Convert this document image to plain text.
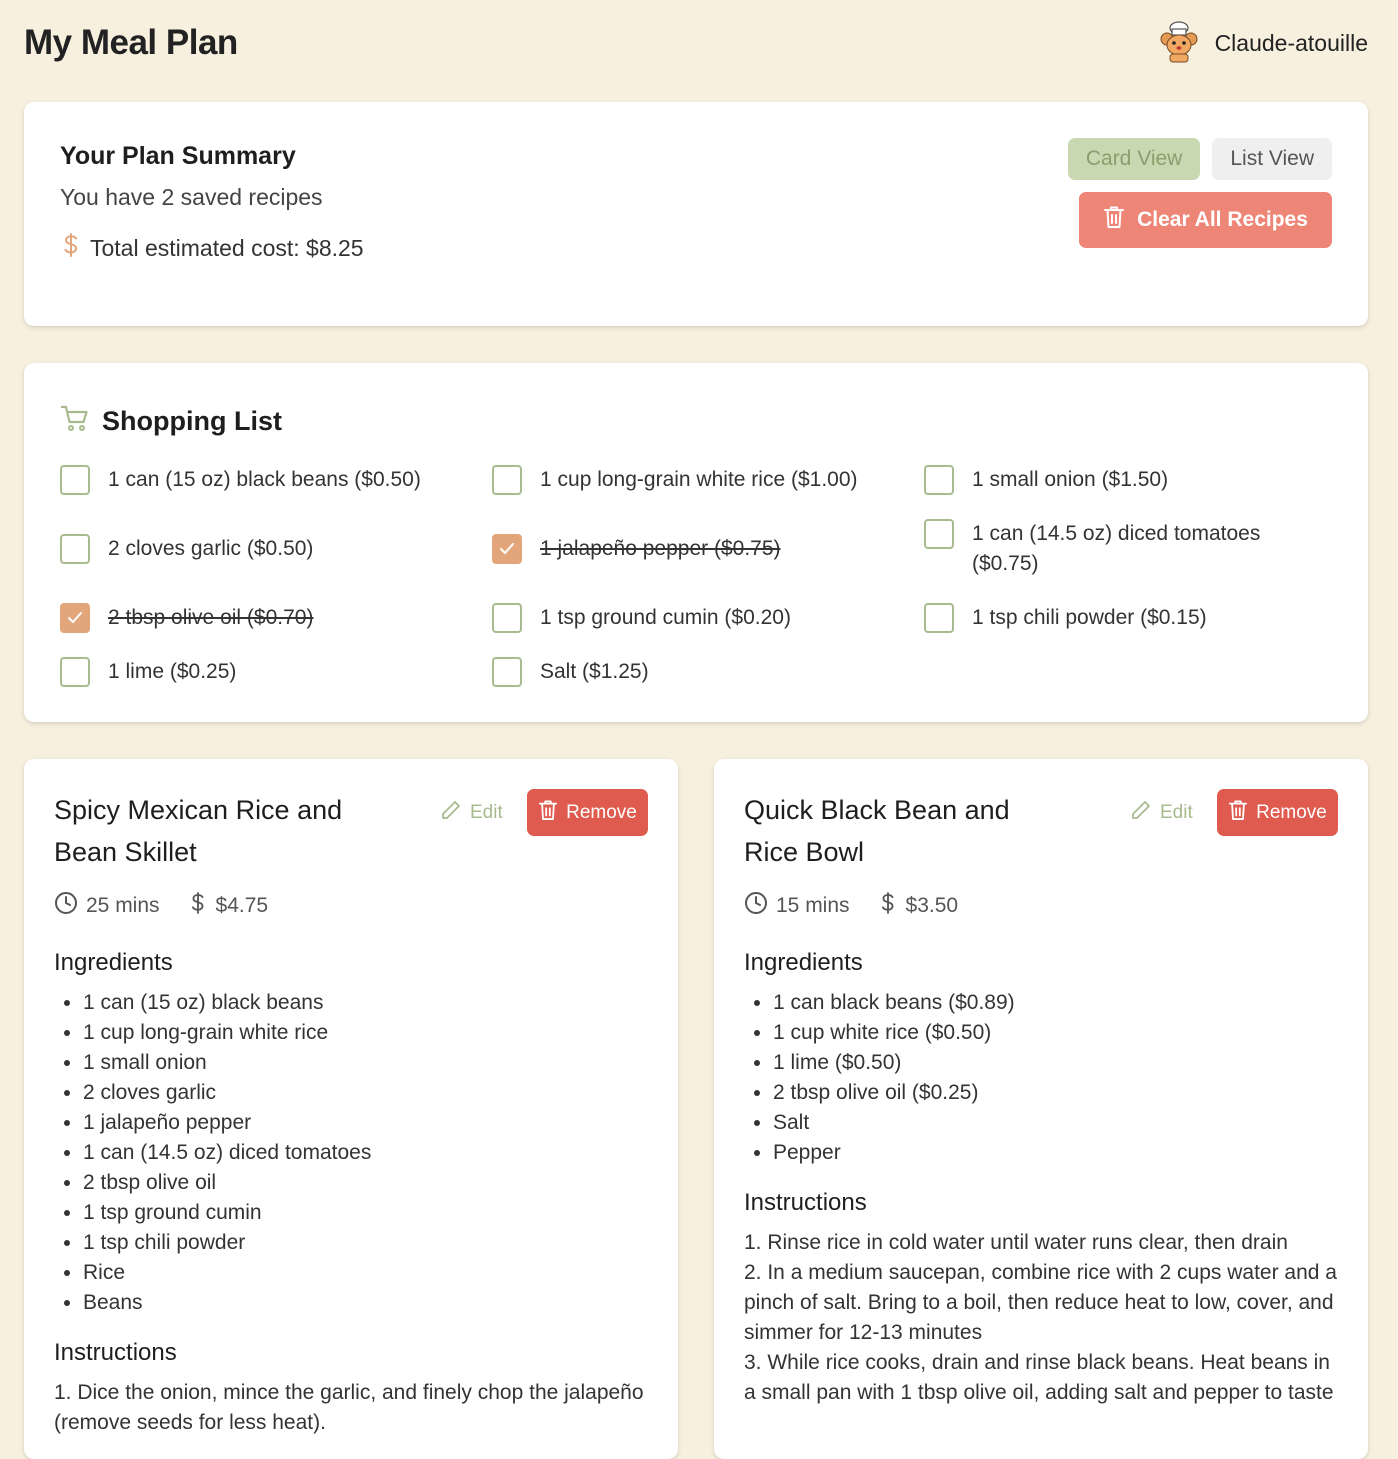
My Meal Plan	Claude-atouille
Your Plan Summary
You have 2 saved recipes
Total estimated cost: $8.25
Card View	List View
Clear All Recipes
Shopping List
1 can (15 oz) black beans ($0.50)	1 cup long-grain white rice ($1.00)	1 small onion ($1.50)
2 cloves garlic ($0.50)	1 jalapeño pepper ($0.75)
1 can (14.5 oz) diced tomatoes ($0.75)
2 tbsp olive oil ($0.70)	1 tsp ground cumin ($0.20)	1 tsp chili powder ($0.15)
1 lime ($0.25)	Salt ($1.25)
Spicy Mexican Rice and Bean Skillet
Edit	Remove
25 mins	$4.75
Ingredients
• 1 can (15 oz) black beans
• 1 cup long-grain white rice
• 1 small onion
• 2 cloves garlic
• 1 jalapeño pepper
• 1 can (14.5 oz) diced tomatoes
• 2 tbsp olive oil
• 1 tsp ground cumin
• 1 tsp chili powder
• Rice
• Beans
Instructions

1. Dice the onion, mince the garlic, and finely chop the jalapeño (remove seeds for less heat).

Quick Black Bean and Rice Bowl
Edit	Remove
15 mins	$3.50
Ingredients
• 1 can black beans ($0.89)
• 1 cup white rice ($0.50)
• 1 lime ($0.50)
• 2 tbsp olive oil ($0.25)
• Salt
• Pepper
Instructions

1. Rinse rice in cold water until water runs clear, then drain

2. In a medium saucepan, combine rice with 2 cups water and a pinch of salt. Bring to a boil, then reduce heat to low, cover, and simmer for 12-13 minutes

3. While rice cooks, drain and rinse black beans. Heat beans in a small pan with 1 tbsp olive oil, adding salt and pepper to taste
